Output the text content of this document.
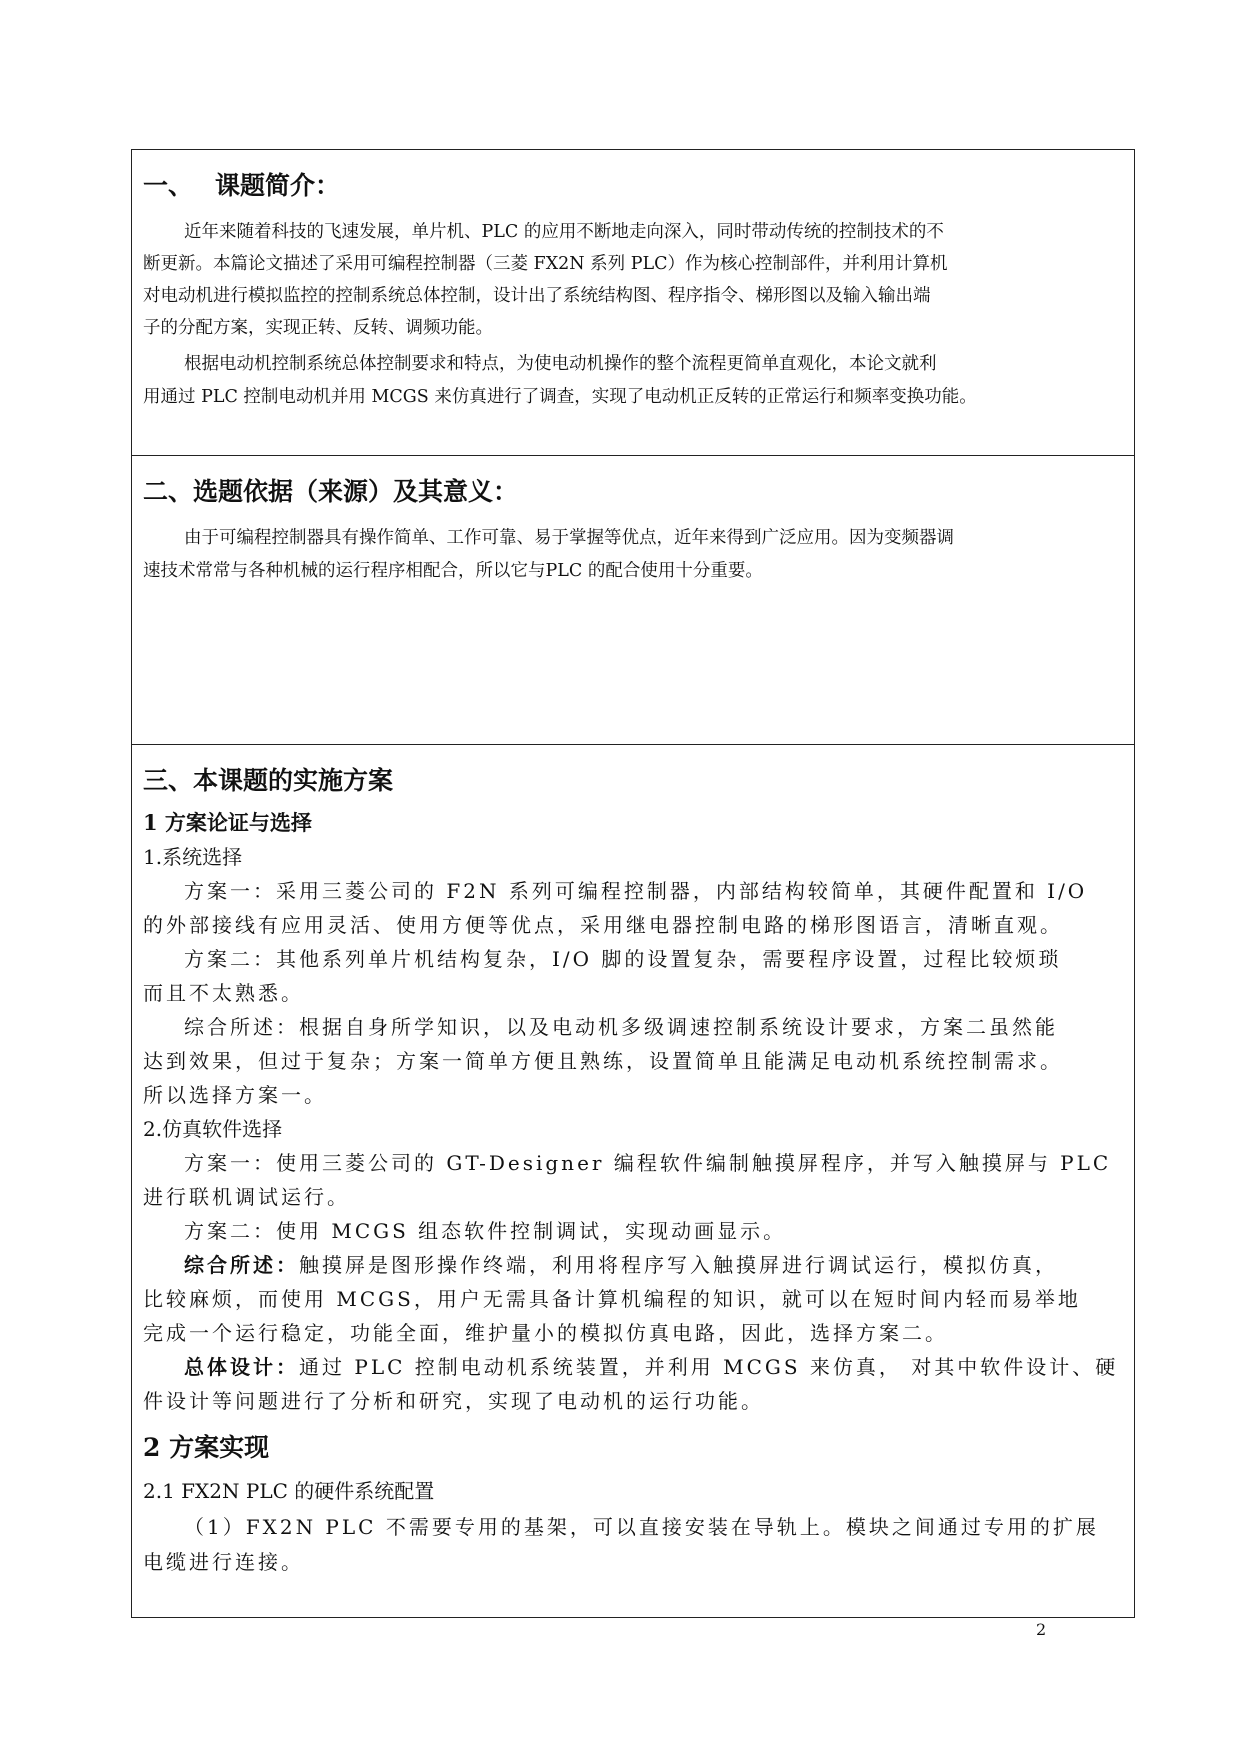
一、 课题简介：
近年来随着科技的飞速发展，单片机、PLC 的应用不断地走向深入，同时带动传统的控制技术的不
断更新。本篇论文描述了采用可编程控制器（三菱 FX2N 系列 PLC）作为核心控制部件，并利用计算机
对电动机进行模拟监控的控制系统总体控制，设计出了系统结构图、程序指令、梯形图以及输入输出端
子的分配方案，实现正转、反转、调频功能。
根据电动机控制系统总体控制要求和特点，为使电动机操作的整个流程更简单直观化，本论文就利
用通过 PLC 控制电动机并用 MCGS 来仿真进行了调查，实现了电动机正反转的正常运行和频率变换功能。
二、选题依据（来源）及其意义：
由于可编程控制器具有操作简单、工作可靠、易于掌握等优点，近年来得到广泛应用。因为变频器调
速技术常常与各种机械的运行程序相配合，所以它与PLC 的配合使用十分重要。
三、本课题的实施方案
1 方案论证与选择
1.系统选择
方案一：采用三菱公司的 F2N 系列可编程控制器，内部结构较简单，其硬件配置和 I/O
的外部接线有应用灵活、使用方便等优点，采用继电器控制电路的梯形图语言，清晰直观。
方案二：其他系列单片机结构复杂，I/O 脚的设置复杂，需要程序设置，过程比较烦琐
而且不太熟悉。
综合所述：根据自身所学知识，以及电动机多级调速控制系统设计要求，方案二虽然能
达到效果，但过于复杂；方案一简单方便且熟练，设置简单且能满足电动机系统控制需求。
所以选择方案一。
2.仿真软件选择
方案一：使用三菱公司的 GT-Designer 编程软件编制触摸屏程序，并写入触摸屏与 PLC
进行联机调试运行。
方案二：使用 MCGS 组态软件控制调试，实现动画显示。
综合所述：触摸屏是图形操作终端，利用将程序写入触摸屏进行调试运行，模拟仿真，
比较麻烦，而使用 MCGS，用户无需具备计算机编程的知识，就可以在短时间内轻而易举地
完成一个运行稳定，功能全面，维护量小的模拟仿真电路，因此，选择方案二。
总体设计：通过 PLC 控制电动机系统装置，并利用 MCGS 来仿真， 对其中软件设计、硬
件设计等问题进行了分析和研究，实现了电动机的运行功能。
2 方案实现
2.1 FX2N PLC 的硬件系统配置
（1）FX2N PLC 不需要专用的基架，可以直接安装在导轨上。模块之间通过专用的扩展
电缆进行连接。
2
